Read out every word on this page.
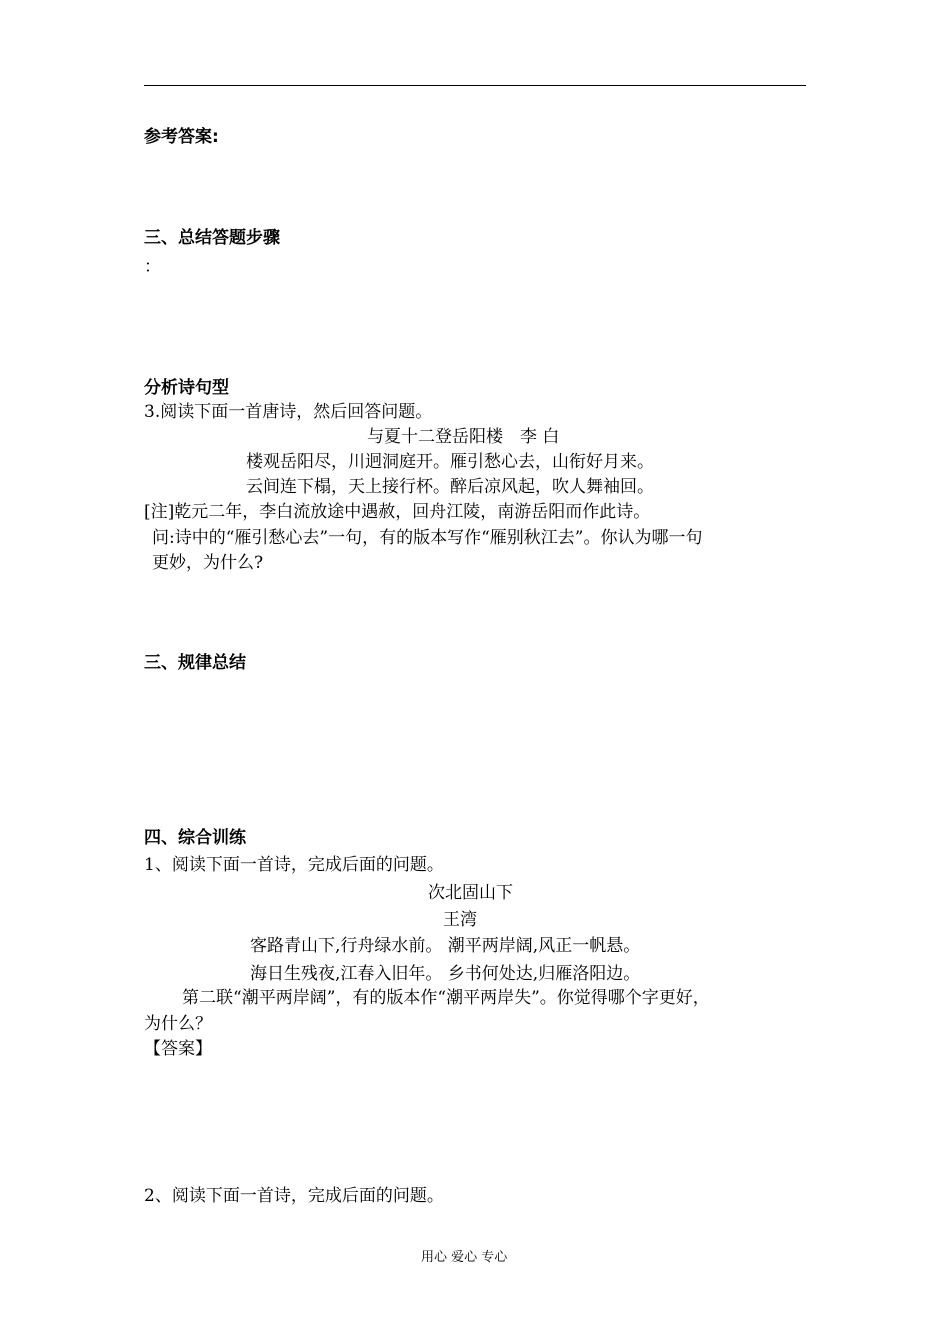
参考答案:
三、总结答题步骤
：
分析诗句型
3.阅读下面一首唐诗，然后回答问题。
与夏十二登岳阳楼　李 白
楼观岳阳尽，川迥洞庭开。雁引愁心去，山衔好月来。
云间连下榻，天上接行杯。醉后凉风起，吹人舞袖回。
[注]乾元二年，李白流放途中遇赦，回舟江陵，南游岳阳而作此诗。
问:诗中的“雁引愁心去”一句，有的版本写作“雁别秋江去”。你认为哪一句
更妙，为什么?
三、规律总结
四、综合训练
1、阅读下面一首诗，完成后面的问题。
次北固山下
王湾
客路青山下,行舟绿水前。 潮平两岸阔,风正一帆悬。
海日生残夜,江春入旧年。 乡书何处达,归雁洛阳边。
第二联“潮平两岸阔”，有的版本作“潮平两岸失”。你觉得哪个字更好，
为什么？
【答案】
2、阅读下面一首诗，完成后面的问题。
用心 爱心 专心
